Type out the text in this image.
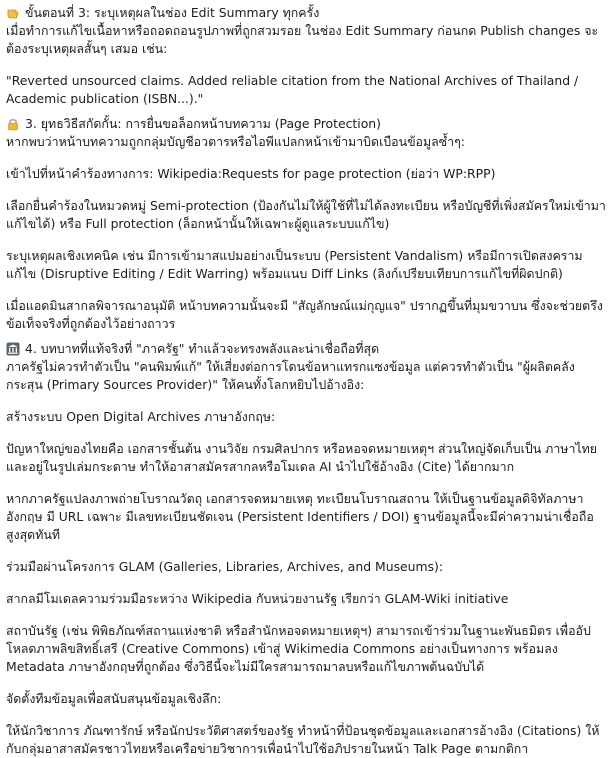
ขั้นตอนที่ 3: ระบุเหตุผลในช่อง Edit Summary ทุกครั้ง
เมื่อทำการแก้ไขเนื้อหาหรือถอดถอนรูปภาพที่ถูกสวมรอย ในช่อง Edit Summary ก่อนกด Publish changes จะต้องระบุเหตุผลสั้นๆ เสมอ เช่น:
"Reverted unsourced claims. Added reliable citation from the National Archives of Thailand / Academic publication (ISBN...)."
3. ยุทธวิธีสกัดกั้น: การยื่นขอล็อกหน้าบทความ (Page Protection)
หากพบว่าหน้าบทความถูกกลุ่มบัญชีอวตารหรือไอพีแปลกหน้าเข้ามาบิดเบือนข้อมูลซ้ำๆ:
เข้าไปที่หน้าคำร้องทางการ: Wikipedia:Requests for page protection (ย่อว่า WP:RPP)
เลือกยื่นคำร้องในหมวดหมู่ Semi-protection (ป้องกันไม่ให้ผู้ใช้ที่ไม่ได้ลงทะเบียน หรือบัญชีที่เพิ่งสมัครใหม่เข้ามาแก้ไขได้) หรือ Full protection (ล็อกหน้านั้นให้เฉพาะผู้ดูแลระบบแก้ไข)
ระบุเหตุผลเชิงเทคนิค เช่น มีการเข้ามาสแปมอย่างเป็นระบบ (Persistent Vandalism) หรือมีการเปิดสงครามแก้ไข (Disruptive Editing / Edit Warring) พร้อมแนบ Diff Links (ลิงก์เปรียบเทียบการแก้ไขที่ผิดปกติ)
เมื่อแอดมินสากลพิจารณาอนุมัติ หน้าบทความนั้นจะมี "สัญลักษณ์แม่กุญแจ" ปรากฏขึ้นที่มุมขวาบน ซึ่งจะช่วยตรึงข้อเท็จจริงที่ถูกต้องไว้อย่างถาวร
4. บทบาทที่แท้จริงที่ "ภาครัฐ" ทำแล้วจะทรงพลังและน่าเชื่อถือที่สุด
ภาครัฐไม่ควรทำตัวเป็น "คนพิมพ์แก้" ให้เสี่ยงต่อการโดนข้อหาแทรกแซงข้อมูล แต่ควรทำตัวเป็น "ผู้ผลิตคลังกระสุน (Primary Sources Provider)" ให้คนทั้งโลกหยิบไปอ้างอิง:
สร้างระบบ Open Digital Archives ภาษาอังกฤษ:
ปัญหาใหญ่ของไทยคือ เอกสารชั้นต้น งานวิจัย กรมศิลปากร หรือหอจดหมายเหตุฯ ส่วนใหญ่จัดเก็บเป็น ภาษาไทย และอยู่ในรูปเล่มกระดาษ ทำให้อาสาสมัครสากลหรือโมเดล AI นำไปใช้อ้างอิง (Cite) ได้ยากมาก
หากภาครัฐแปลงภาพถ่ายโบราณวัตถุ เอกสารจดหมายเหตุ ทะเบียนโบราณสถาน ให้เป็นฐานข้อมูลดิจิทัลภาษาอังกฤษ มี URL เฉพาะ มีเลขทะเบียนชัดเจน (Persistent Identifiers / DOI) ฐานข้อมูลนี้จะมีค่าความน่าเชื่อถือสูงสุดทันที
ร่วมมือผ่านโครงการ GLAM (Galleries, Libraries, Archives, and Museums):
สากลมีโมเดลความร่วมมือระหว่าง Wikipedia กับหน่วยงานรัฐ เรียกว่า GLAM-Wiki initiative
สถาบันรัฐ (เช่น พิพิธภัณฑ์สถานแห่งชาติ หรือสำนักหอจดหมายเหตุฯ) สามารถเข้าร่วมในฐานะพันธมิตร เพื่ออัปโหลดภาพลิขสิทธิ์เสรี (Creative Commons) เข้าสู่ Wikimedia Commons อย่างเป็นทางการ พร้อมลง Metadata ภาษาอังกฤษที่ถูกต้อง ซึ่งวิธีนี้จะไม่มีใครสามารถมาลบหรือแก้ไขภาพต้นฉบับได้
จัดตั้งทีมข้อมูลเพื่อสนับสนุนข้อมูลเชิงลึก:
ให้นักวิชาการ ภัณฑารักษ์ หรือนักประวัติศาสตร์ของรัฐ ทำหน้าที่ป้อนชุดข้อมูลและเอกสารอ้างอิง (Citations) ให้กับกลุ่มอาสาสมัครชาวไทยหรือเครือข่ายวิชาการเพื่อนำไปใช้อภิปรายในหน้า Talk Page ตามกติกา
